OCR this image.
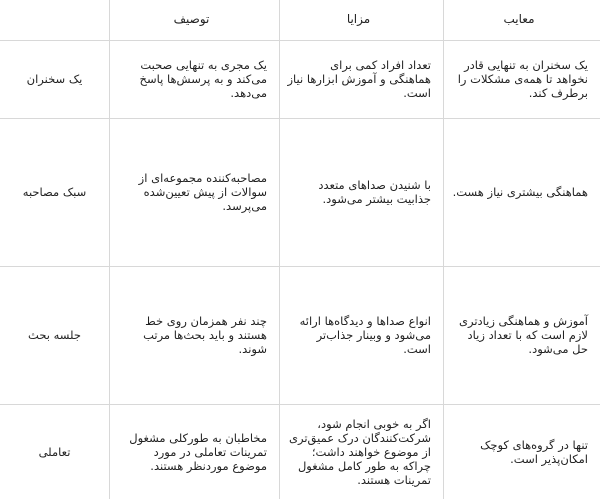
معایب
مزایا
توصیف
یک سخنران به تنهایی قادر نخواهد تا همه‌ی مشکلات را برطرف کند.
تعداد افراد کمی برای هماهنگی و آموزش ابزارها نیاز است.
یک مجری به تنهایی صحبت می‌کند و به پرسش‌ها پاسخ می‌دهد.
یک سخنران
هماهنگی بیشتری نیاز هست.
با شنیدن صداهای متعدد جذابیت بیشتر می‌شود.
مصاحبه‌کننده مجموعه‌ای از سوالات از پیش تعیین‌شده می‌پرسد.
سبک مصاحبه
آموزش و هماهنگی زیادتری لازم است که با تعداد زیاد حل می‌شود.
انواع صداها و دیدگاه‌ها ارائه می‌شود و وبینار جذاب‌تر است.
چند نفر همزمان روی خط هستند و باید بحث‌ها مرتب شوند.
جلسه بحث
تنها در گروه‌های کوچک امکان‌پذیر است.
اگر به خوبی انجام شود، شرکت‌کنندگان درک عمیق‌تری از موضوع خواهند داشت؛ چراکه به طور کامل مشغول تمرینات هستند.
مخاطبان به طورکلی مشغول تمرینات تعاملی در مورد موضوع موردنظر هستند.
تعاملی
